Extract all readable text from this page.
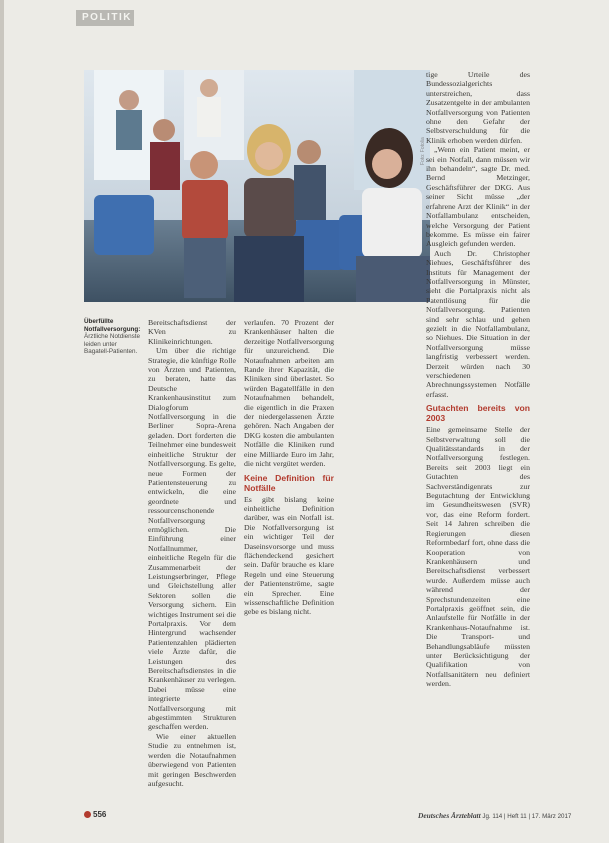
POLITIK
Foto: Fotolia
Überfüllte Notfallversorgung:
Ärztliche Notdienste leiden unter Bagatell-Patienten.

Bereitschaftsdienst der KVen zu Klinikeinrichtungen.

Um über die richtige Strategie, die künftige Rolle von Ärzten und Patienten, zu beraten, hatte das Deutsche Krankenhausinstitut zum Dialogforum Notfallversorgung in die Berliner Sopra-Arena geladen. Dort forderten die Teilnehmer eine bundesweit einheitliche Struktur der Notfallversorgung. Es gelte, neue Formen der Patientensteuerung zu entwickeln, die eine geordnete und ressourcenschonende Notfallversorgung ermöglichen. Die Einführung einer Notfallnummer, einheitliche Regeln für die Zusammenarbeit der Leistungserbringer, Pflege und Gleichstellung aller Sektoren sollen die Versorgung sichern. Ein wichtiges Instrument sei die Portalpraxis. Vor dem Hintergrund wachsender Patientenzahlen plädierten viele Ärzte dafür, die Leistungen des Bereitschaftsdienstes in die Krankenhäuser zu verlegen. Dabei müsse eine integrierte Notfallversorgung mit abgestimmten Strukturen geschaffen werden.

Wie einer aktuellen Studie zu entnehmen ist, werden die Notaufnahmen überwiegend von Patienten mit geringen Beschwerden aufgesucht.

verlaufen. 70 Prozent der Krankenhäuser halten die derzeitige Notfallversorgung für unzureichend. Die Notaufnahmen arbeiten am Rande ihrer Kapazität, die Kliniken sind überlastet. So würden Bagatellfälle in den Notaufnahmen behandelt, die eigentlich in die Praxen der niedergelassenen Ärzte gehören. Nach Angaben der DKG kosten die ambulanten Notfälle die Kliniken rund eine Milliarde Euro im Jahr, die nicht vergütet werden.

Keine Definition für Notfälle

Es gibt bislang keine einheitliche Definition darüber, was ein Notfall ist. Die Notfallversorgung ist ein wichtiger Teil der Daseinsvorsorge und muss flächendeckend gesichert sein. Dafür brauche es klare Regeln und eine Steuerung der Patientenströme, sagte ein Sprecher. Eine wissenschaftliche Definition gebe es bislang nicht.

tige Urteile des Bundessozialgerichts unterstreichen, dass Zusatzentgelte in der ambulanten Notfallversorgung von Patienten ohne den Gefahr der Selbstverschuldung für die Klinik erhoben werden dürfen.

„Wenn ein Patient meint, er sei ein Notfall, dann müssen wir ihn behandeln“, sagte Dr. med. Bernd Metzinger, Geschäftsführer der DKG. Aus seiner Sicht müsse „der erfahrene Arzt der Klinik“ in der Notfallambulanz entscheiden, welche Versorgung der Patient bekomme. Es müsse ein fairer Ausgleich gefunden werden.

Auch Dr. Christopher Niehues, Geschäftsführer des Instituts für Management der Notfallversorgung in Münster, sieht die Portalpraxis nicht als Patentlösung für die Notfallversorgung. Patienten sind sehr schlau und gehen gezielt in die Notfallambulanz, so Niehues. Die Situation in der Notfallversorgung müsse langfristig verbessert werden. Derzeit würden nach 30 verschiedenen Abrechnungssystemen Notfälle erfasst.

Gutachten bereits von 2003

Eine gemeinsame Stelle der Selbstverwaltung soll die Qualitätsstandards in der Notfallversorgung festlegen. Bereits seit 2003 liegt ein Gutachten des Sachverständigenrats zur Begutachtung der Entwicklung im Gesundheitswesen (SVR) vor, das eine Reform fordert. Seit 14 Jahren schreiben die Regierungen diesen Reformbedarf fort, ohne dass die Kooperation von Krankenhäusern und Bereitschaftsdienst verbessert wurde. Außerdem müsse auch während der Sprechstundenzeiten eine Portalpraxis geöffnet sein, die Anlaufstelle für Notfälle in der Krankenhaus-Notaufnahme ist. Die Transport- und Behandlungsabläufe müssten unter Berücksichtigung der Qualifikation von Notfallsanitätern neu definiert werden.

556	Deutsches Ärzteblatt Jg. 114 | Heft 11 | 17. März 2017
